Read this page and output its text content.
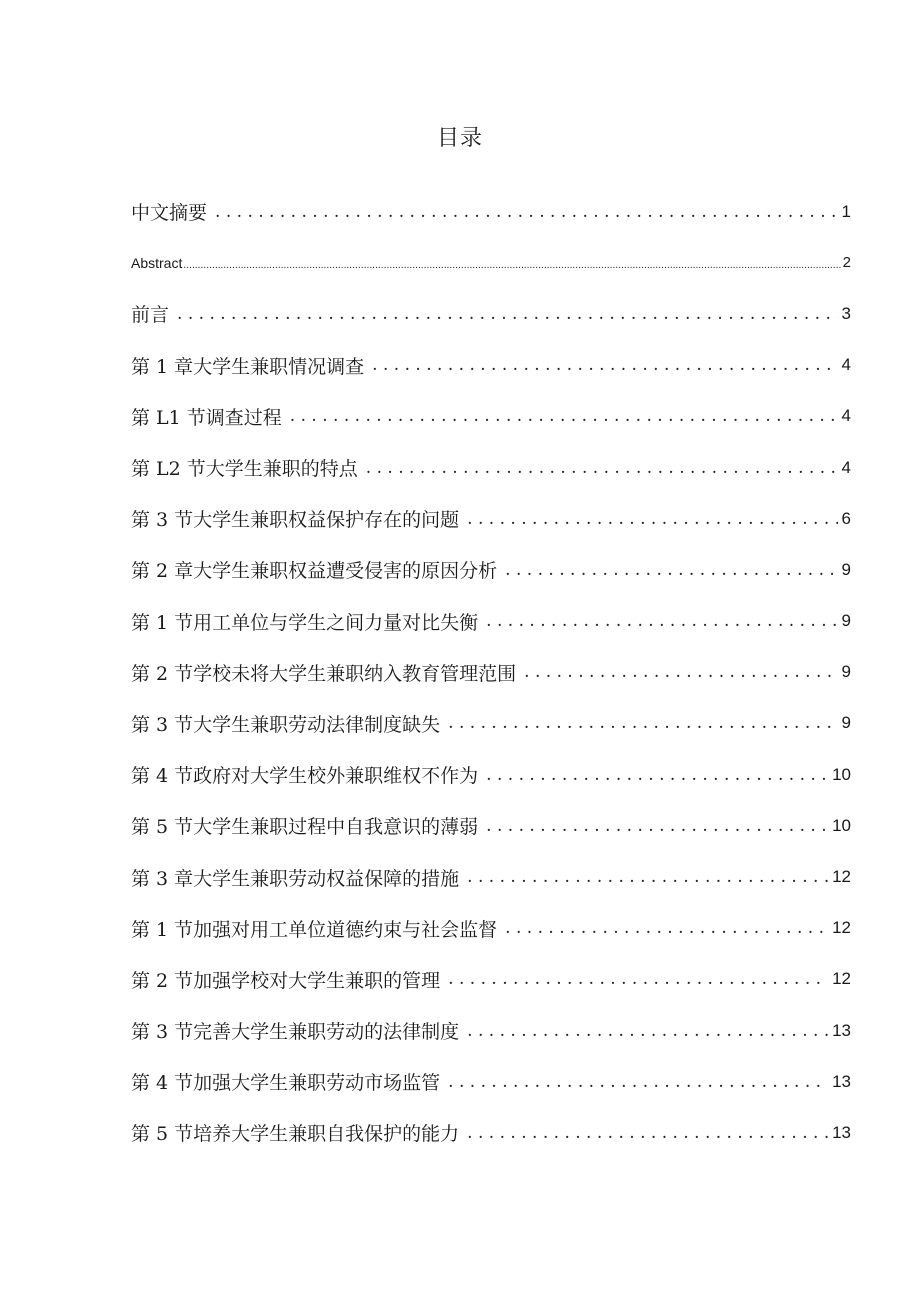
目录
中文摘要 . . .	1
Abstract .....	2
前言 . . .	3
第 1 章大学生兼职情况调查 . . .	4
第 L1 节调查过程 . . .	4
第 L2 节大学生兼职的特点 . . .	4
第 3 节大学生兼职权益保护存在的问题 . . .	6
第 2 章大学生兼职权益遭受侵害的原因分析 . . .	9
第 1 节用工单位与学生之间力量对比失衡 . . .	9
第 2 节学校未将大学生兼职纳入教育管理范围 . . .	9
第 3 节大学生兼职劳动法律制度缺失 . . .	9
第 4 节政府对大学生校外兼职维权不作为 . . .	10
第 5 节大学生兼职过程中自我意识的薄弱 . . .	10
第 3 章大学生兼职劳动权益保障的措施 . . .	12
第 1 节加强对用工单位道德约束与社会监督 . . .	12
第 2 节加强学校对大学生兼职的管理 . . .	12
第 3 节完善大学生兼职劳动的法律制度 . . .	13
第 4 节加强大学生兼职劳动市场监管 . . .	13
第 5 节培养大学生兼职自我保护的能力 . . .	13
